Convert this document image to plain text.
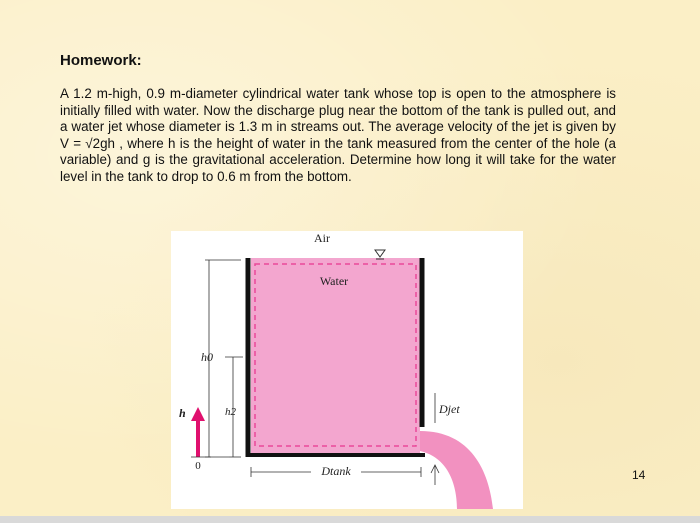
Homework:
A 1.2 m-high, 0.9 m-diameter cylindrical water tank whose top is open to the atmosphere is initially filled with water. Now the discharge plug near the bottom of the tank is pulled out, and a water jet whose diameter is 1.3 m in streams out. The average velocity of the jet is given by V = √2gh , where h is the height of water in the tank measured from the center of the hole (a variable) and g is the gravitational acceleration. Determine how long it will take for the water level in the tank to drop to 0.6 m from the bottom.
Air
Water
h0
h2
h
0	Dtank
Djet
14
